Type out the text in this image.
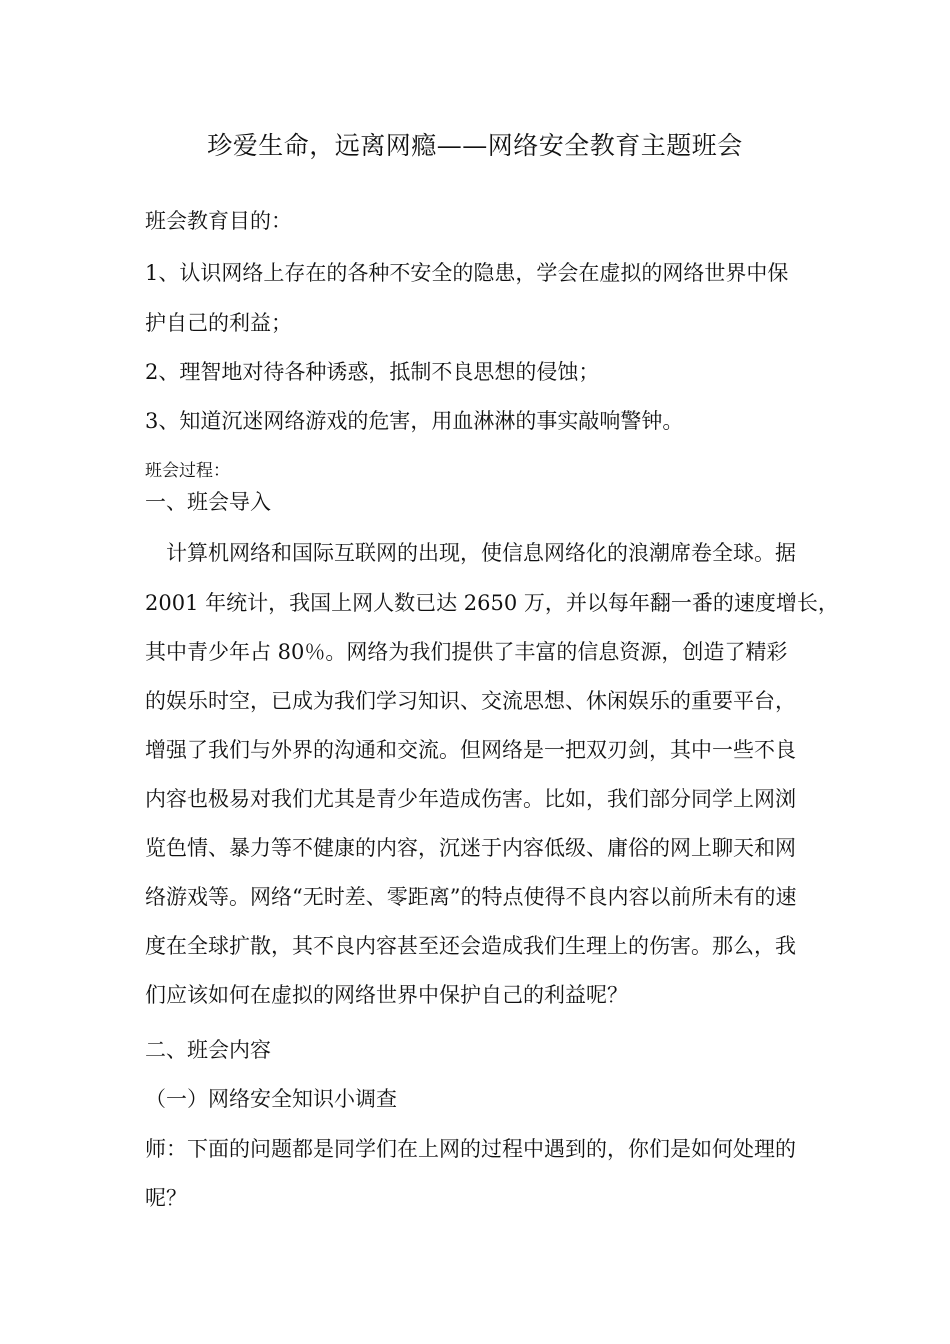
珍爱生命，远离网瘾——网络安全教育主题班会
班会教育目的：
1、认识网络上存在的各种不安全的隐患，学会在虚拟的网络世界中保
护自己的利益；
2、理智地对待各种诱惑，抵制不良思想的侵蚀；
3、知道沉迷网络游戏的危害，用血淋淋的事实敲响警钟。
班会过程：
一、班会导入
　计算机网络和国际互联网的出现，使信息网络化的浪潮席卷全球。据
2001 年统计，我国上网人数已达 2650 万，并以每年翻一番的速度增长，
其中青少年占 80％。网络为我们提供了丰富的信息资源，创造了精彩
的娱乐时空，已成为我们学习知识、交流思想、休闲娱乐的重要平台，
增强了我们与外界的沟通和交流。但网络是一把双刃剑，其中一些不良
内容也极易对我们尤其是青少年造成伤害。比如，我们部分同学上网浏
览色情、暴力等不健康的内容，沉迷于内容低级、庸俗的网上聊天和网
络游戏等。网络“无时差、零距离”的特点使得不良内容以前所未有的速
度在全球扩散，其不良内容甚至还会造成我们生理上的伤害。那么，我
们应该如何在虚拟的网络世界中保护自己的利益呢？
二、班会内容
（一）网络安全知识小调查
师：下面的问题都是同学们在上网的过程中遇到的，你们是如何处理的
呢？
